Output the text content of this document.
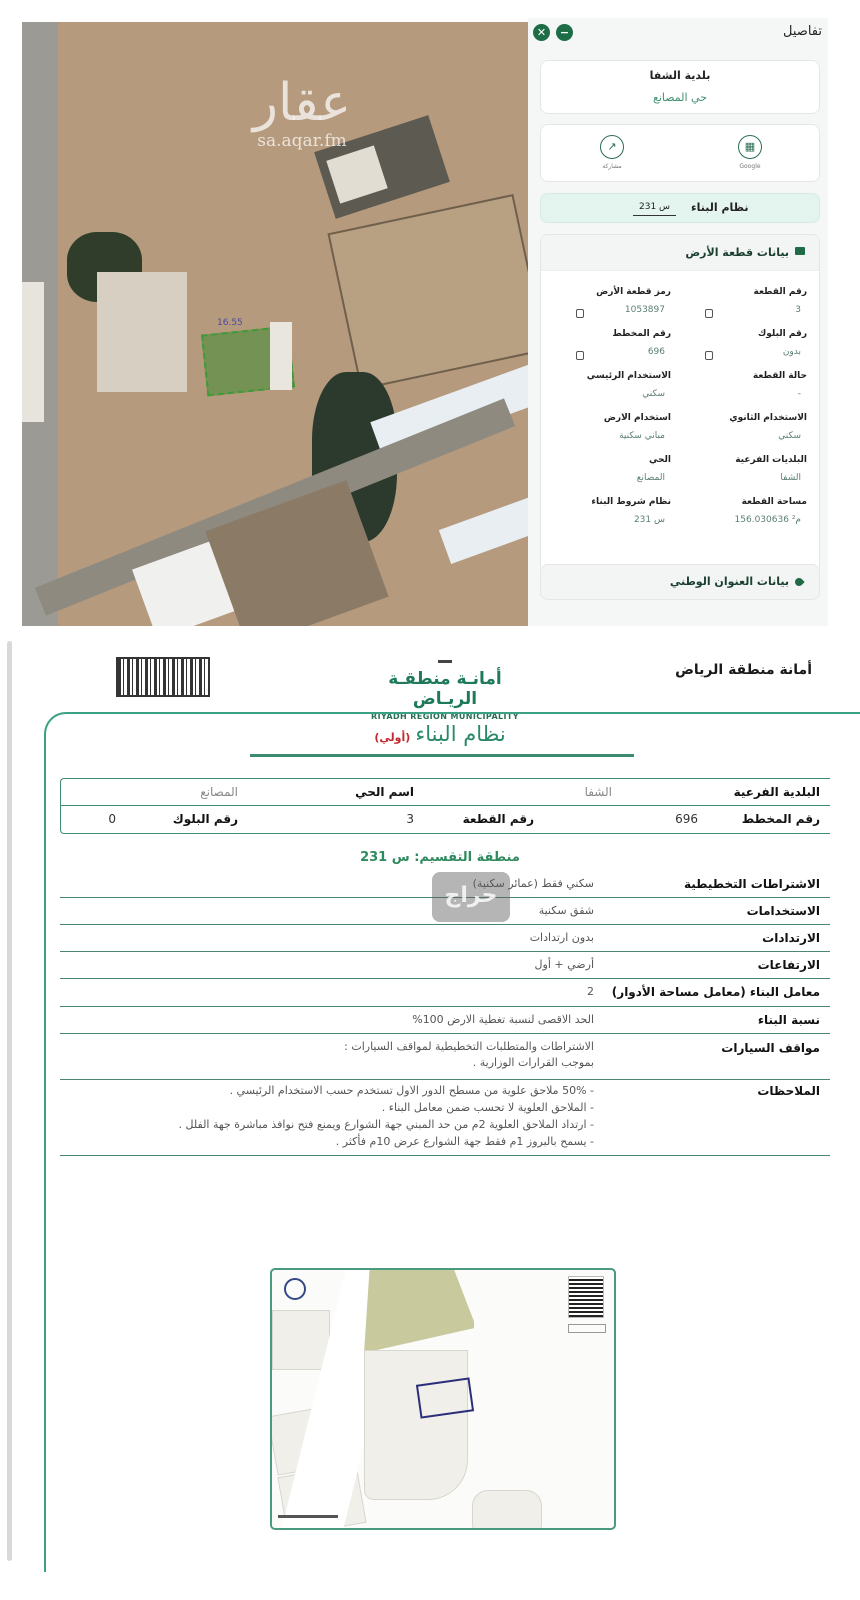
16.55
عقار
sa.aqar.fm
✕	−	تفاصيل
بلدية الشفا
حي المصانع
▦
Google
↗
مشاركة
نظام البناء
س 231
بيانات قطعة الأرض
رقم القطعة
3
رمز قطعة الأرض
1053897
رقم البلوك
بدون
رقم المخطط
696
حالة القطعة
-
الاستخدام الرئيسي
سكني
الاستخدام الثانوي
سكني
استخدام الارض
مباني سكنية
البلديات الفرعية
الشفا
الحي
المصانع
مساحة القطعة
156.030636 م²
نظام شروط البناء
س 231
بيانات العنوان الوطني
أمانـة منطقـة الريـاض
RIYADH REGION MUNICIPALITY
أمانة منطقة الرياض
(أولي) نظام البناء
البلدية الفرعية
الشفا
اسم الحي
المصانع
رقم المخطط
696
رقم القطعة
3
رقم البلوك
0
منطقة التقسيم: س 231
الاشتراطات التخطيطية
سكني فقط (عمائر سكنية)
الاستخدامات
شقق سكنية
الارتدادات
بدون ارتدادات
الارتفاعات
أرضي + أول
معامل البناء (معامل مساحة الأدوار)
2
نسبة البناء
الحد الاقصى لنسبة تغطية الارض 100%
مواقف السيارات
الاشتراطات والمتطلبات التخطيطية لمواقف السيارات :
بموجب القرارات الوزارية .
الملاحظات
- 50% ملاحق علوية من مسطح الدور الاول تستخدم حسب الاستخدام الرئيسي .
- الملاحق العلوية لا تحسب ضمن معامل البناء .
- ارتداد الملاحق العلوية 2م من حد المبني جهة الشوارع ويمنع فتح نوافذ مباشرة جهة الفلل .
- يسمح بالبروز 1م فقط جهة الشوارع عرض 10م فأكثر .
حراج
